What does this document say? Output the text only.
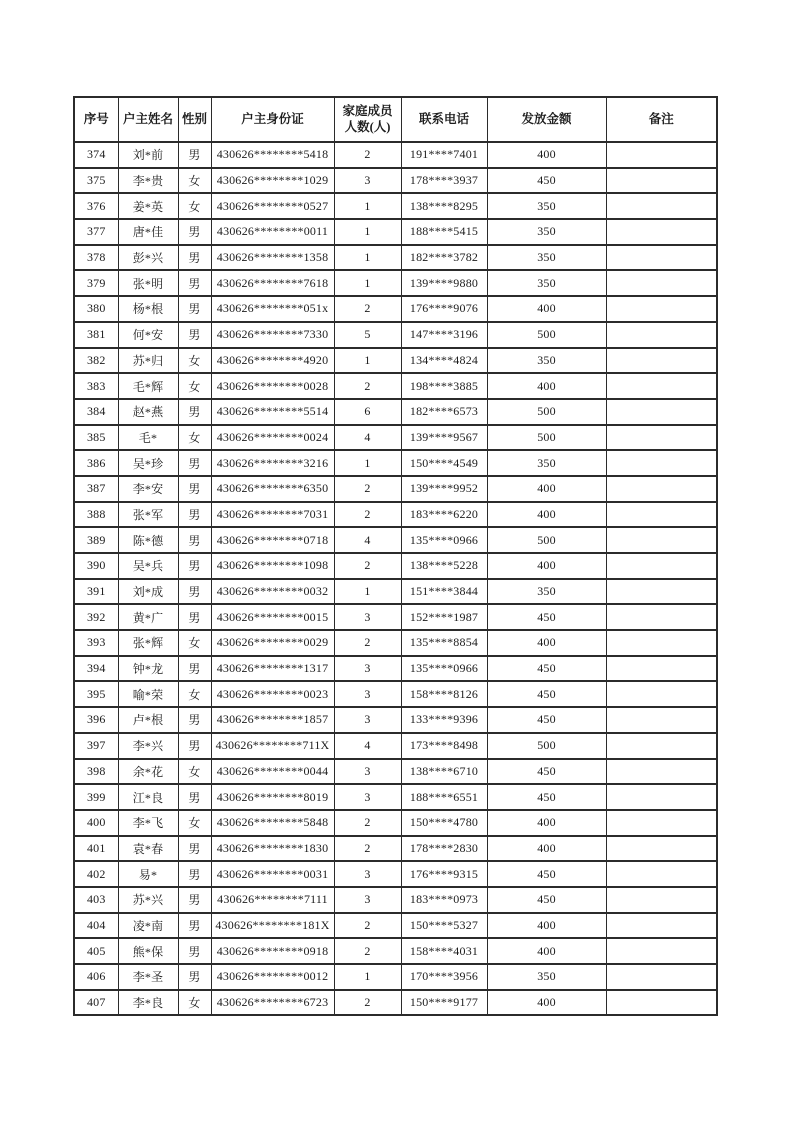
序号	户主姓名	性别	户主身份证	家庭成员人数(人)	联系电话	发放金额	备注
374	刘*前	男	430626********5418	2	191****7401	400	
375	李*贵	女	430626********1029	3	178****3937	450	
376	姜*英	女	430626********0527	1	138****8295	350	
377	唐*佳	男	430626********0011	1	188****5415	350	
378	彭*兴	男	430626********1358	1	182****3782	350	
379	张*明	男	430626********7618	1	139****9880	350	
380	杨*根	男	430626********051x	2	176****9076	400	
381	何*安	男	430626********7330	5	147****3196	500	
382	苏*归	女	430626********4920	1	134****4824	350	
383	毛*辉	女	430626********0028	2	198****3885	400	
384	赵*燕	男	430626********5514	6	182****6573	500	
385	毛*	女	430626********0024	4	139****9567	500	
386	吴*珍	男	430626********3216	1	150****4549	350	
387	李*安	男	430626********6350	2	139****9952	400	
388	张*军	男	430626********7031	2	183****6220	400	
389	陈*德	男	430626********0718	4	135****0966	500	
390	吴*兵	男	430626********1098	2	138****5228	400	
391	刘*成	男	430626********0032	1	151****3844	350	
392	黄*广	男	430626********0015	3	152****1987	450	
393	张*辉	女	430626********0029	2	135****8854	400	
394	钟*龙	男	430626********1317	3	135****0966	450	
395	喻*荣	女	430626********0023	3	158****8126	450	
396	卢*根	男	430626********1857	3	133****9396	450	
397	李*兴	男	430626********711X	4	173****8498	500	
398	余*花	女	430626********0044	3	138****6710	450	
399	江*良	男	430626********8019	3	188****6551	450	
400	李*飞	女	430626********5848	2	150****4780	400	
401	袁*春	男	430626********1830	2	178****2830	400	
402	易*	男	430626********0031	3	176****9315	450	
403	苏*兴	男	430626********7111	3	183****0973	450	
404	凌*南	男	430626********181X	2	150****5327	400	
405	熊*保	男	430626********0918	2	158****4031	400	
406	李*圣	男	430626********0012	1	170****3956	350	
407	李*良	女	430626********6723	2	150****9177	400	
